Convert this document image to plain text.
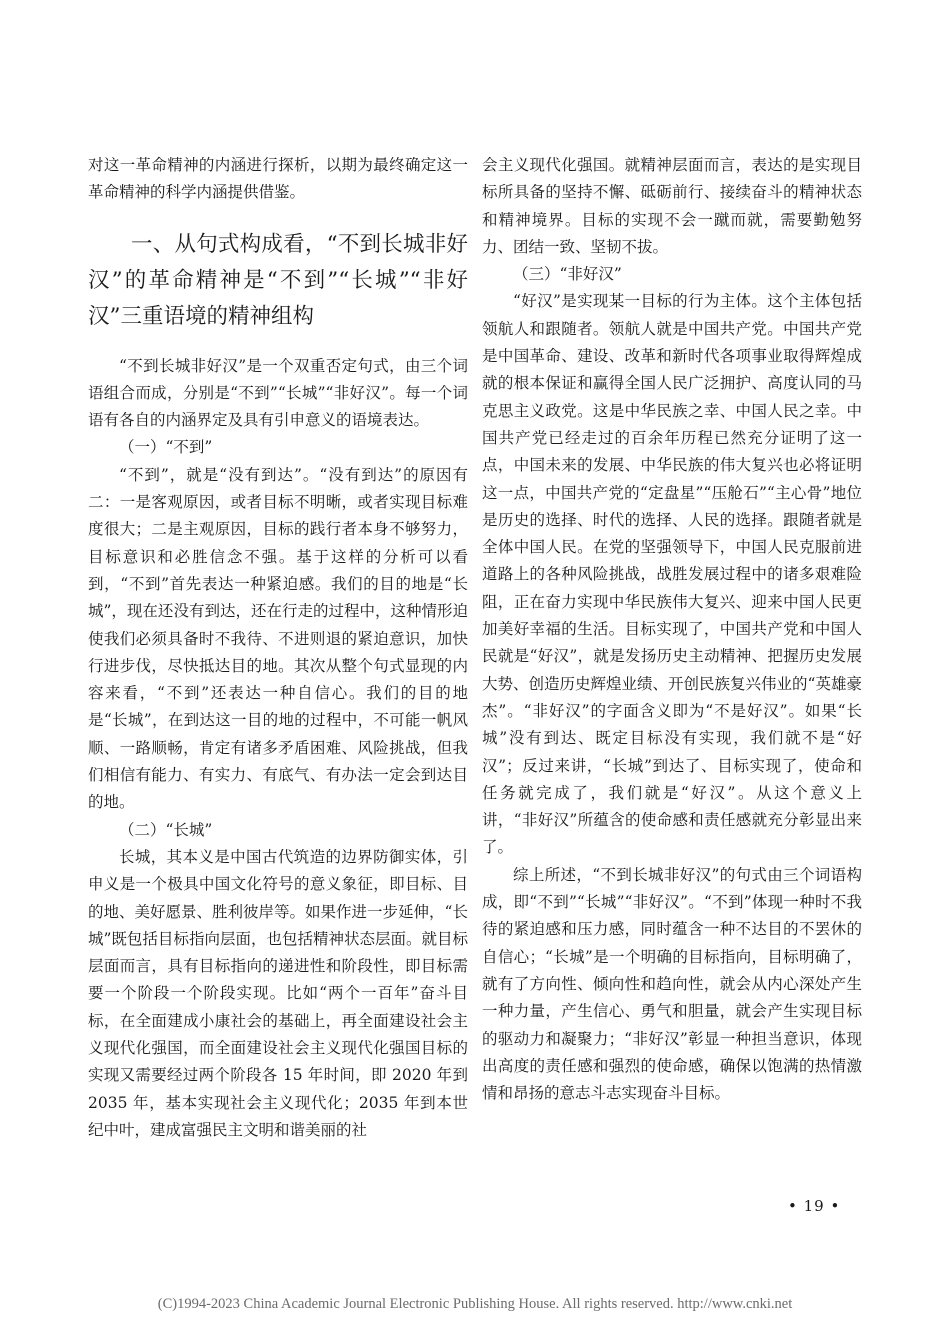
对这一革命精神的内涵进行探析，以期为最终确定这一革命精神的科学内涵提供借鉴。

一、从句式构成看，“不到长城非好汉”的革命精神是“不到”“长城”“非好汉”三重语境的精神组构

“不到长城非好汉”是一个双重否定句式，由三个词语组合而成，分别是“不到”“长城”“非好汉”。每一个词语有各自的内涵界定及具有引申意义的语境表达。

（一）“不到”

“不到”，就是“没有到达”。“没有到达”的原因有二：一是客观原因，或者目标不明晰，或者实现目标难度很大；二是主观原因，目标的践行者本身不够努力，目标意识和必胜信念不强。基于这样的分析可以看到，“不到”首先表达一种紧迫感。我们的目的地是“长城”，现在还没有到达，还在行走的过程中，这种情形迫使我们必须具备时不我待、不进则退的紧迫意识，加快行进步伐，尽快抵达目的地。其次从整个句式显现的内容来看，“不到”还表达一种自信心。我们的目的地是“长城”，在到达这一目的地的过程中，不可能一帆风顺、一路顺畅，肯定有诸多矛盾困难、风险挑战，但我们相信有能力、有实力、有底气、有办法一定会到达目的地。

（二）“长城”

长城，其本义是中国古代筑造的边界防御实体，引申义是一个极具中国文化符号的意义象征，即目标、目的地、美好愿景、胜利彼岸等。如果作进一步延伸，“长城”既包括目标指向层面，也包括精神状态层面。就目标层面而言，具有目标指向的递进性和阶段性，即目标需要一个阶段一个阶段实现。比如“两个一百年”奋斗目标，在全面建成小康社会的基础上，再全面建设社会主义现代化强国，而全面建设社会主义现代化强国目标的实现又需要经过两个阶段各 15 年时间，即 2020 年到 2035 年，基本实现社会主义现代化；2035 年到本世纪中叶，建成富强民主文明和谐美丽的社

会主义现代化强国。就精神层面而言，表达的是实现目标所具备的坚持不懈、砥砺前行、接续奋斗的精神状态和精神境界。目标的实现不会一蹴而就，需要勤勉努力、团结一致、坚韧不拔。

（三）“非好汉”

“好汉”是实现某一目标的行为主体。这个主体包括领航人和跟随者。领航人就是中国共产党。中国共产党是中国革命、建设、改革和新时代各项事业取得辉煌成就的根本保证和赢得全国人民广泛拥护、高度认同的马克思主义政党。这是中华民族之幸、中国人民之幸。中国共产党已经走过的百余年历程已然充分证明了这一点，中国未来的发展、中华民族的伟大复兴也必将证明这一点，中国共产党的“定盘星”“压舱石”“主心骨”地位是历史的选择、时代的选择、人民的选择。跟随者就是全体中国人民。在党的坚强领导下，中国人民克服前进道路上的各种风险挑战，战胜发展过程中的诸多艰难险阻，正在奋力实现中华民族伟大复兴、迎来中国人民更加美好幸福的生活。目标实现了，中国共产党和中国人民就是“好汉”，就是发扬历史主动精神、把握历史发展大势、创造历史辉煌业绩、开创民族复兴伟业的“英雄豪杰”。“非好汉”的字面含义即为“不是好汉”。如果“长城”没有到达、既定目标没有实现，我们就不是“好汉”；反过来讲，“长城”到达了、目标实现了，使命和任务就完成了，我们就是“好汉”。从这个意义上讲，“非好汉”所蕴含的使命感和责任感就充分彰显出来了。

综上所述，“不到长城非好汉”的句式由三个词语构成，即“不到”“长城”“非好汉”。“不到”体现一种时不我待的紧迫感和压力感，同时蕴含一种不达目的不罢休的自信心；“长城”是一个明确的目标指向，目标明确了，就有了方向性、倾向性和趋向性，就会从内心深处产生一种力量，产生信心、勇气和胆量，就会产生实现目标的驱动力和凝聚力；“非好汉”彰显一种担当意识，体现出高度的责任感和强烈的使命感，确保以饱满的热情激情和昂扬的意志斗志实现奋斗目标。

• 19 •
(C)1994-2023 China Academic Journal Electronic Publishing House. All rights reserved. http://www.cnki.net
